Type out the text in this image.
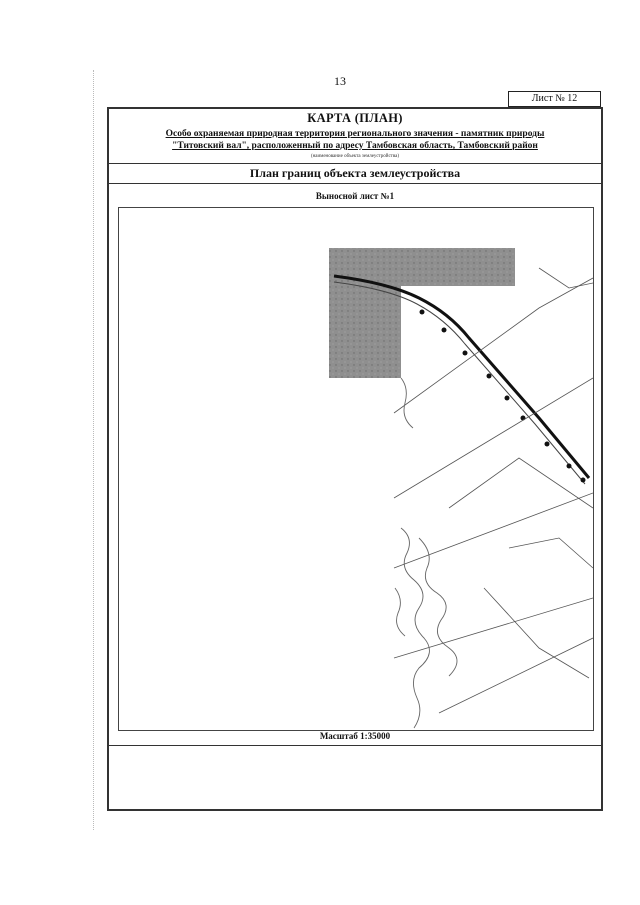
13
Лист № 12
КАРТА (ПЛАН)
Особо охраняемая природная территория регионального значения - памятник природы
"Титовский вал", расположенный по адресу Тамбовская область, Тамбовский район
(наименование объекта землеустройства)
План границ объекта землеустройства
Выносной лист №1
Масштаб 1:35000
